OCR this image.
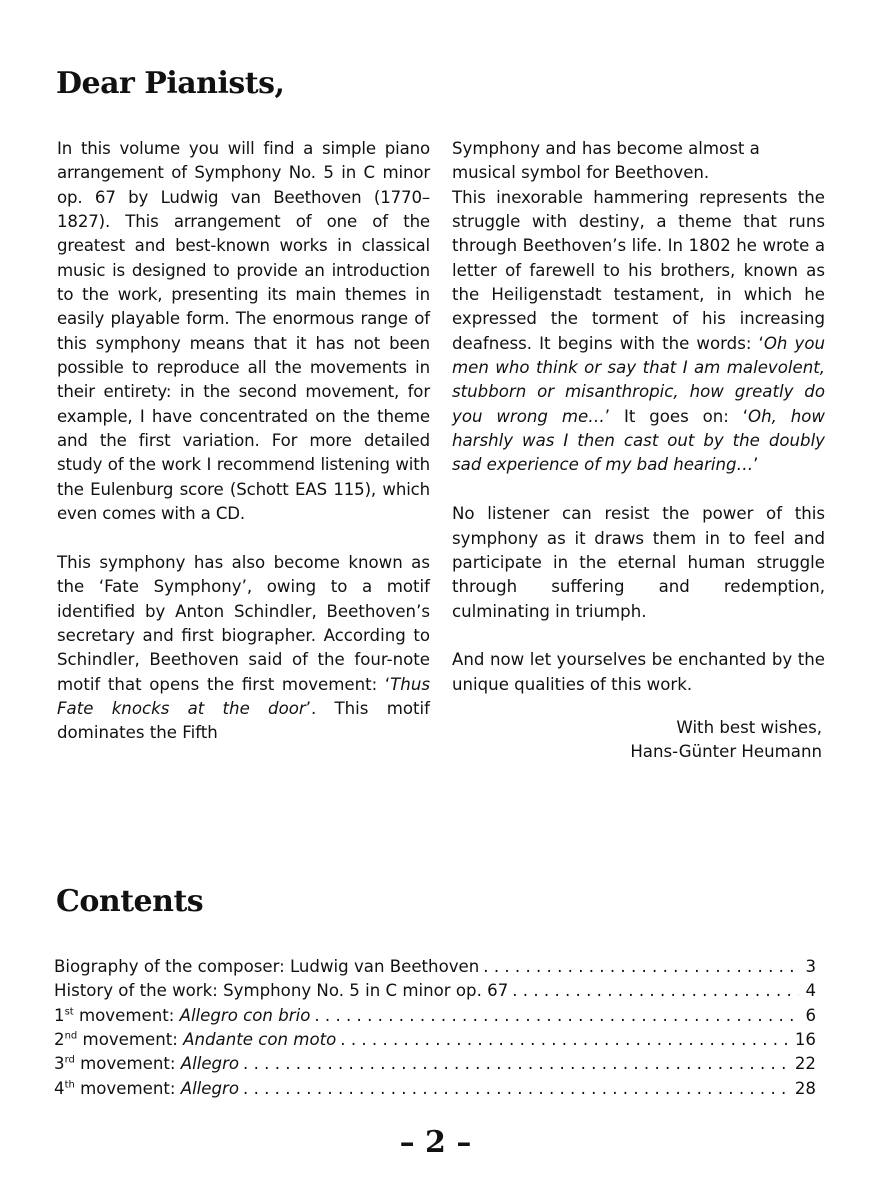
Dear Pianists,

In this volume you will find a simple piano arrangement of Symphony No. 5 in C minor op. 67 by Ludwig van Beethoven (1770–1827). This arrangement of one of the greatest and best-known works in classical music is designed to provide an introduction to the work, presenting its main themes in easily playable form. The enormous range of this symphony means that it has not been possible to reproduce all the movements in their entirety: in the second movement, for example, I have concentrated on the theme and the first variation. For more detailed study of the work I recommend listening with the Eulenburg score (Schott EAS 115), which even comes with a CD.

This symphony has also become known as the ‘Fate Symphony’, owing to a motif identified by Anton Schindler, Beethoven’s secretary and first biographer. According to Schindler, Beethoven said of the four-note motif that opens the first movement: ‘Thus Fate knocks at the door’. This motif dominates the Fifth

Symphony and has become almost a musical symbol for Beethoven.

This inexorable hammering represents the struggle with destiny, a theme that runs through Beethoven’s life. In 1802 he wrote a letter of farewell to his brothers, known as the Heiligenstadt testament, in which he expressed the torment of his increasing deafness. It begins with the words: ‘Oh you men who think or say that I am malevolent, stubborn or misanthropic, how greatly do you wrong me…’ It goes on: ‘Oh, how harshly was I then cast out by the doubly sad experience of my bad hearing…’

No listener can resist the power of this symphony as it draws them in to feel and participate in the eternal human struggle through suffering and redemption, culminating in triumph.

And now let yourselves be enchanted by the unique qualities of this work.

With best wishes,
Hans-Günter Heumann
Contents
Biography of the composer: Ludwig van Beethoven . . .	3
History of the work: Symphony No. 5 in C minor op. 67 . . .	4
1st movement: Allegro con brio . . .	6
2nd movement: Andante con moto . . .	16
3rd movement: Allegro . . .	22
4th movement: Allegro . . .	28
– 2 –
